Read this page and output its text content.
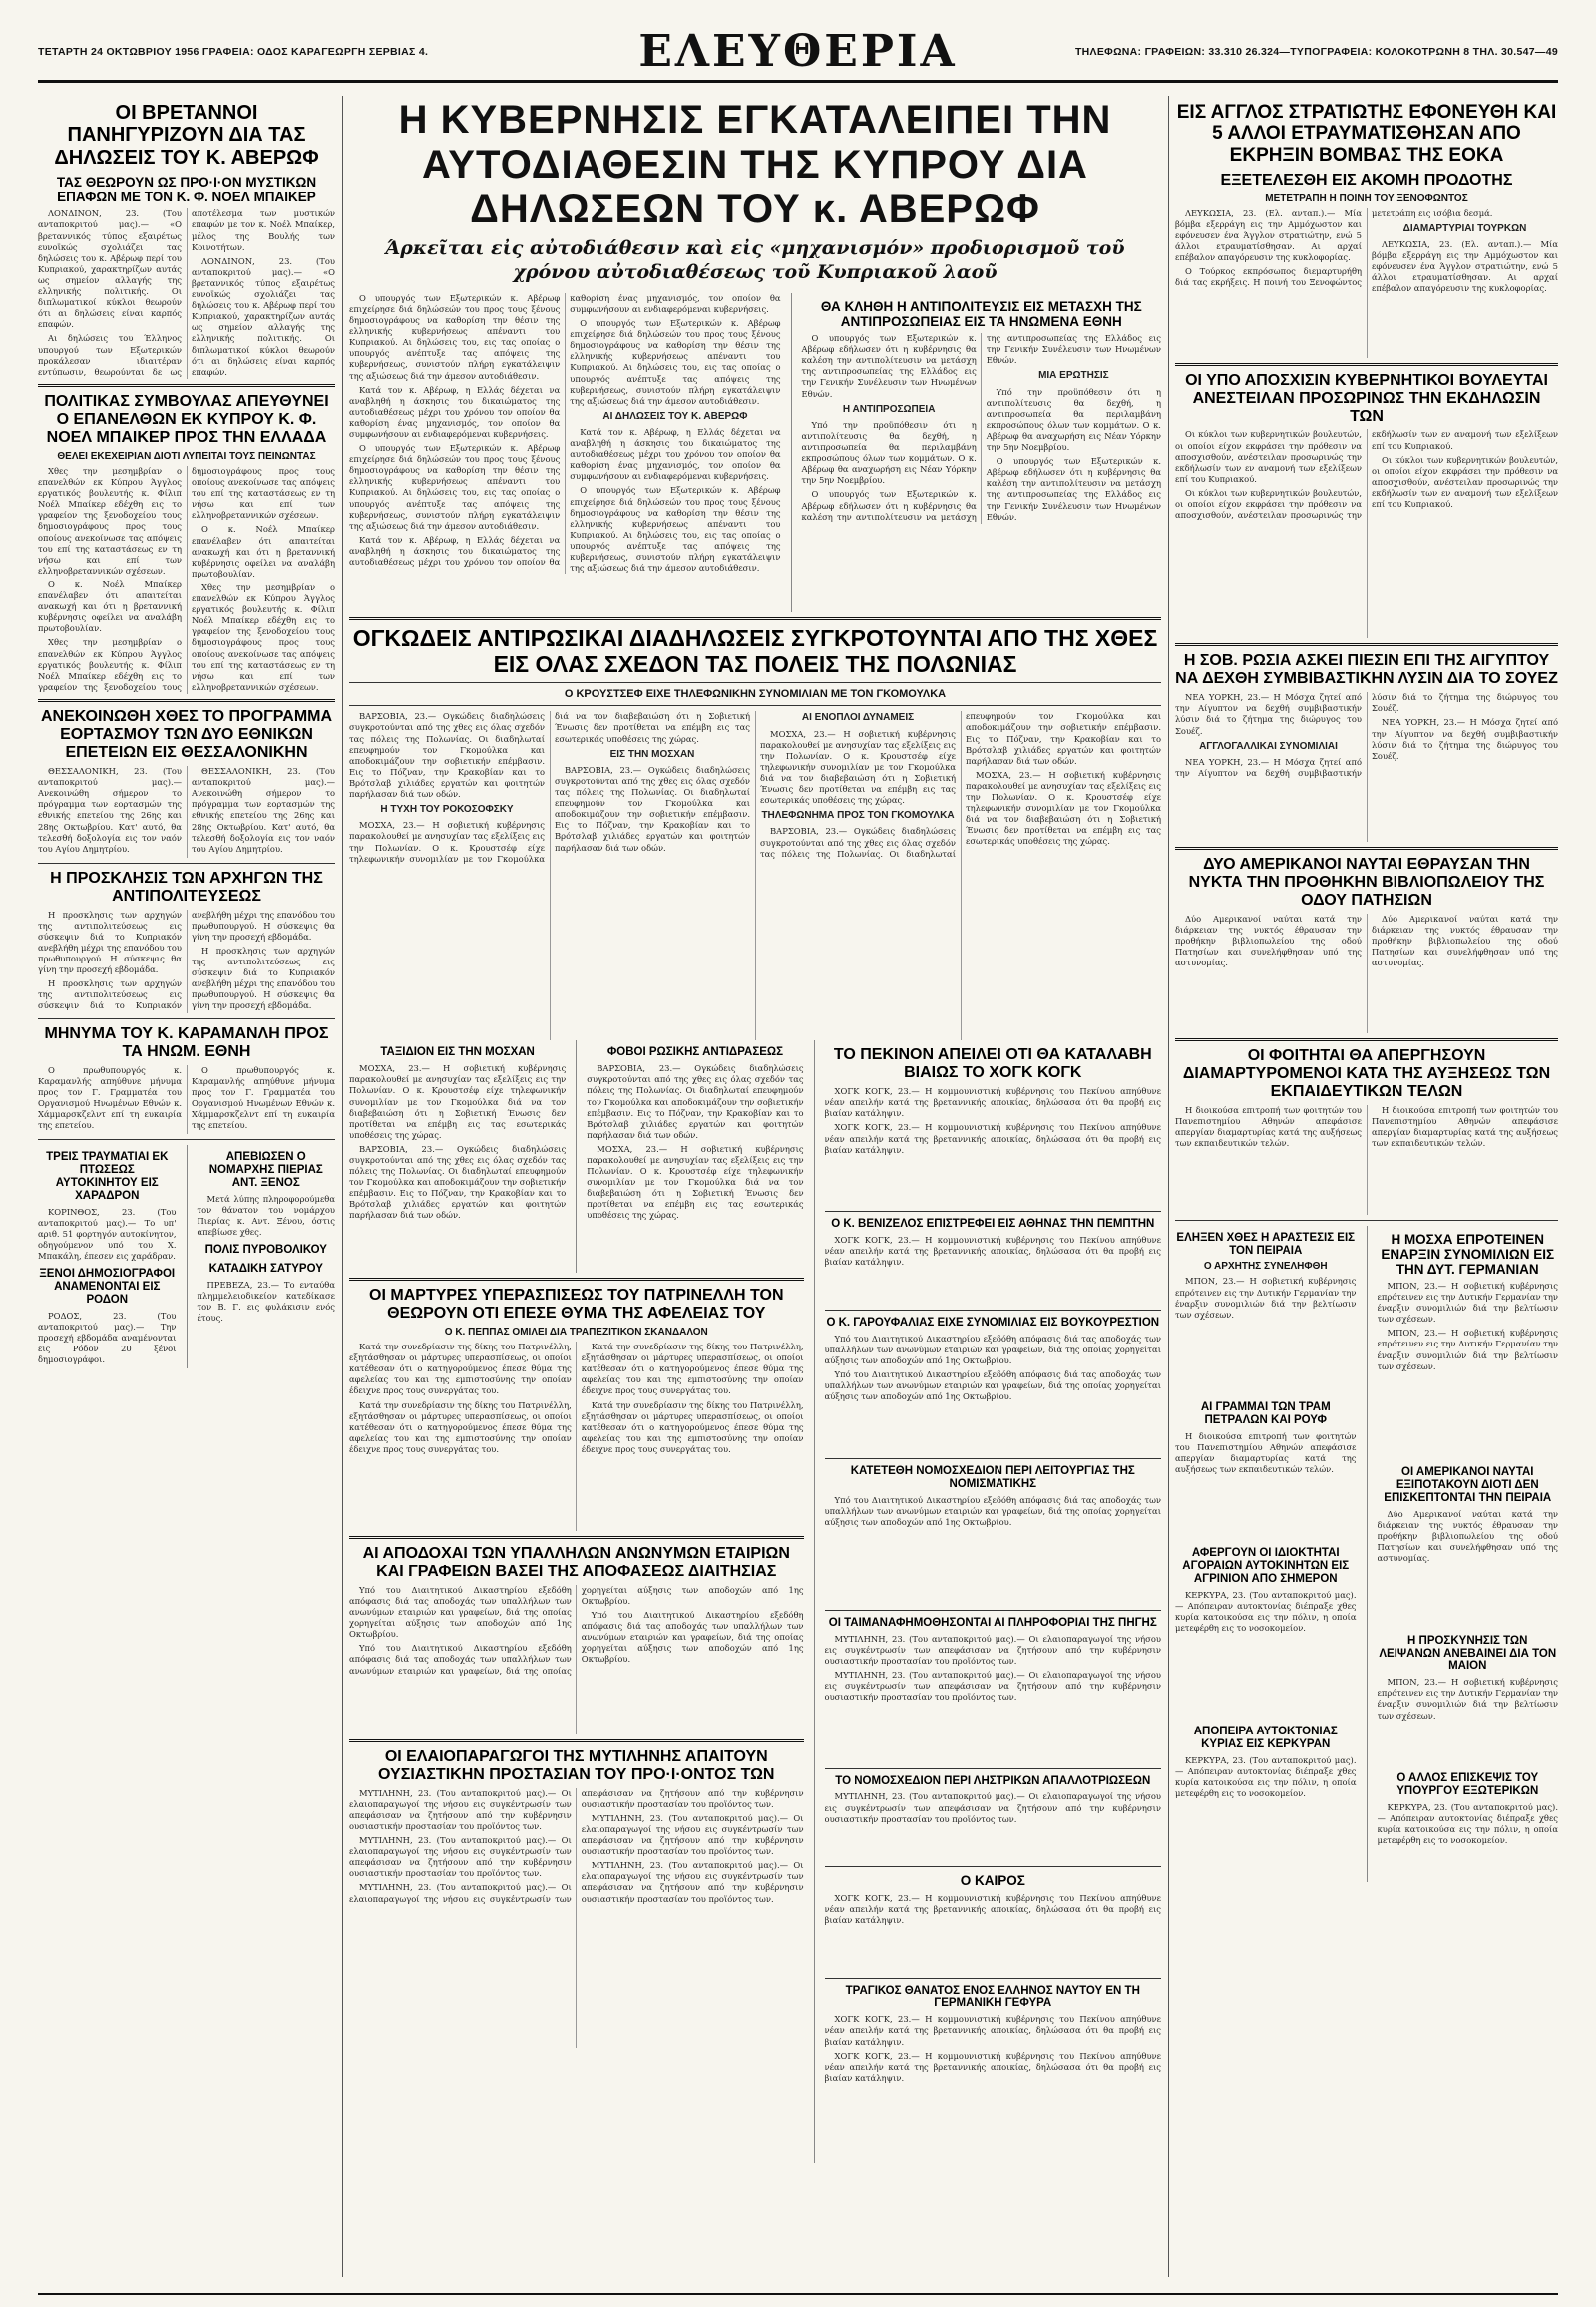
ΤΕΤΑΡΤΗ 24 ΟΚΤΩΒΡΙΟΥ 1956 ΓΡΑΦΕΙΑ: ΟΔΟΣ ΚΑΡΑΓΕΩΡΓΗ ΣΕΡΒΙΑΣ 4.	ΕΛΕΥΘΕΡΙΑ	ΤΗΛΕΦΩΝΑ: ΓΡΑΦΕΙΩΝ: 33.310 26.324—ΤΥΠΟΓΡΑΦΕΙΑ: ΚΟΛΟΚΟΤΡΩΝΗ 8 ΤΗΛ. 30.547—49
ΟΙ ΒΡΕΤΑΝΝΟΙ ΠΑΝΗΓΥΡΙΖΟΥΝ ΔΙΑ ΤΑΣ ΔΗΛΩΣΕΙΣ ΤΟΥ Κ. ΑΒΕΡΩΦ
ΤΑΣ ΘΕΩΡΟΥΝ ΩΣ ΠΡΟ·Ι·ΟΝ ΜΥΣΤΙΚΩΝ ΕΠΑΦΩΝ ΜΕ ΤΟΝ Κ. Φ. ΝΟΕΛ ΜΠΑΙΚΕΡ

ΛΟΝΔΙΝΟΝ, 23. (Του ανταποκριτού μας).— «Ο βρεταννικός τύπος εξαιρέτως ευνοϊκώς σχολιάζει τας δηλώσεις του κ. Αβέρωφ περί του Κυπριακού, χαρακτηρίζων αυτάς ως σημείον αλλαγής της ελληνικής πολιτικής. Οι διπλωματικοί κύκλοι θεωρούν ότι αι δηλώσεις είναι καρπός επαφών.

Αι δηλώσεις του Έλληνος υπουργού των Εξωτερικών προκάλεσαν ιδιαιτέραν εντύπωσιν, θεωρούνται δε ως αποτέλεσμα των μυστικών επαφών με τον κ. Νοέλ Μπαίκερ, μέλος της Βουλής των Κοινοτήτων.

ΛΟΝΔΙΝΟΝ, 23. (Του ανταποκριτού μας).— «Ο βρεταννικός τύπος εξαιρέτως ευνοϊκώς σχολιάζει τας δηλώσεις του κ. Αβέρωφ περί του Κυπριακού, χαρακτηρίζων αυτάς ως σημείον αλλαγής της ελληνικής πολιτικής. Οι διπλωματικοί κύκλοι θεωρούν ότι αι δηλώσεις είναι καρπός επαφών.

ΠΟΛΙΤΙΚΑΣ ΣΥΜΒΟΥΛΑΣ ΑΠΕΥΘΥΝΕΙ Ο ΕΠΑΝΕΛΘΩΝ ΕΚ ΚΥΠΡΟΥ Κ. Φ. ΝΟΕΛ ΜΠΑΙΚΕΡ ΠΡΟΣ ΤΗΝ ΕΛΛΑΔΑ
ΘΕΛΕΙ ΕΚΕΧΕΙΡΙΑΝ ΔΙΟΤΙ ΛΥΠΕΙΤΑΙ ΤΟΥΣ ΠΕΙΝΩΝΤΑΣ

Χθες την μεσημβρίαν ο επανελθών εκ Κύπρου Άγγλος εργατικός βουλευτής κ. Φίλιπ Νοέλ Μπαίκερ εδέχθη εις το γραφείον της ξενοδοχείου τους δημοσιογράφους προς τους οποίους ανεκοίνωσε τας απόψεις του επί της καταστάσεως εν τη νήσω και επί των ελληνοβρεταννικών σχέσεων.

Ο κ. Νοέλ Μπαίκερ επανέλαβεν ότι απαιτείται ανακωχή και ότι η βρεταννική κυβέρνησις οφείλει να αναλάβη πρωτοβουλίαν.

Χθες την μεσημβρίαν ο επανελθών εκ Κύπρου Άγγλος εργατικός βουλευτής κ. Φίλιπ Νοέλ Μπαίκερ εδέχθη εις το γραφείον της ξενοδοχείου τους δημοσιογράφους προς τους οποίους ανεκοίνωσε τας απόψεις του επί της καταστάσεως εν τη νήσω και επί των ελληνοβρεταννικών σχέσεων.

Ο κ. Νοέλ Μπαίκερ επανέλαβεν ότι απαιτείται ανακωχή και ότι η βρεταννική κυβέρνησις οφείλει να αναλάβη πρωτοβουλίαν.

Χθες την μεσημβρίαν ο επανελθών εκ Κύπρου Άγγλος εργατικός βουλευτής κ. Φίλιπ Νοέλ Μπαίκερ εδέχθη εις το γραφείον της ξενοδοχείου τους δημοσιογράφους προς τους οποίους ανεκοίνωσε τας απόψεις του επί της καταστάσεως εν τη νήσω και επί των ελληνοβρεταννικών σχέσεων.

ΑΝΕΚΟΙΝΩΘΗ ΧΘΕΣ ΤΟ ΠΡΟΓΡΑΜΜΑ ΕΟΡΤΑΣΜΟΥ ΤΩΝ ΔΥΟ ΕΘΝΙΚΩΝ ΕΠΕΤΕΙΩΝ ΕΙΣ ΘΕΣΣΑΛΟΝΙΚΗΝ

ΘΕΣΣΑΛΟΝΙΚΗ, 23. (Του ανταποκριτού μας).— Ανεκοινώθη σήμερον το πρόγραμμα των εορτασμών της εθνικής επετείου της 26ης και 28ης Οκτωβρίου. Κατ' αυτό, θα τελεσθή δοξολογία εις τον ναόν του Αγίου Δημητρίου.

ΘΕΣΣΑΛΟΝΙΚΗ, 23. (Του ανταποκριτού μας).— Ανεκοινώθη σήμερον το πρόγραμμα των εορτασμών της εθνικής επετείου της 26ης και 28ης Οκτωβρίου. Κατ' αυτό, θα τελεσθή δοξολογία εις τον ναόν του Αγίου Δημητρίου.

Η ΠΡΟΣΚΛΗΣΙΣ ΤΩΝ ΑΡΧΗΓΩΝ ΤΗΣ ΑΝΤΙΠΟΛΙΤΕΥΣΕΩΣ

Η προσκλησις των αρχηγών της αντιπολιτεύσεως εις σύσκεψιν διά το Κυπριακόν ανεβλήθη μέχρι της επανόδου του πρωθυπουργού. Η σύσκεψις θα γίνη την προσεχή εβδομάδα.

Η προσκλησις των αρχηγών της αντιπολιτεύσεως εις σύσκεψιν διά το Κυπριακόν ανεβλήθη μέχρι της επανόδου του πρωθυπουργού. Η σύσκεψις θα γίνη την προσεχή εβδομάδα.

Η προσκλησις των αρχηγών της αντιπολιτεύσεως εις σύσκεψιν διά το Κυπριακόν ανεβλήθη μέχρι της επανόδου του πρωθυπουργού. Η σύσκεψις θα γίνη την προσεχή εβδομάδα.

ΜΗΝΥΜΑ ΤΟΥ Κ. ΚΑΡΑΜΑΝΛΗ ΠΡΟΣ ΤΑ ΗΝΩΜ. ΕΘΝΗ

Ο πρωθυπουργός κ. Καραμανλής απηύθυνε μήνυμα προς τον Γ. Γραμματέα του Οργανισμού Ηνωμένων Εθνών κ. Χάμμαρσκζελντ επί τη ευκαιρία της επετείου.

Ο πρωθυπουργός κ. Καραμανλής απηύθυνε μήνυμα προς τον Γ. Γραμματέα του Οργανισμού Ηνωμένων Εθνών κ. Χάμμαρσκζελντ επί τη ευκαιρία της επετείου.

ΤΡΕΙΣ ΤΡΑΥΜΑΤΙΑΙ ΕΚ ΠΤΩΣΕΩΣ ΑΥΤΟΚΙΝΗΤΟΥ ΕΙΣ ΧΑΡΑΔΡΟΝ

ΚΟΡΙΝΘΟΣ, 23. (Του ανταποκριτού μας).— Το υπ' αριθ. 51 φορτηγόν αυτοκίνητον, οδηγούμενον υπό του Χ. Μπακάλη, έπεσεν εις χαράδραν.

ΞΕΝΟΙ ΔΗΜΟΣΙΟΓΡΑΦΟΙ ΑΝΑΜΕΝΟΝΤΑΙ ΕΙΣ ΡΟΔΟΝ

ΡΟΔΟΣ, 23. (Του ανταποκριτού μας).— Την προσεχή εβδομάδα αναμένονται εις Ρόδον 20 ξένοι δημοσιογράφοι.

ΑΠΕΒΙΩΣΕΝ Ο ΝΟΜΑΡΧΗΣ ΠΙΕΡΙΑΣ ΑΝΤ. ΞΕΝΟΣ

Μετά λύπης πληροφορούμεθα τον θάνατον του νομάρχου Πιερίας κ. Αντ. Ξένου, όστις απεβίωσε χθες.

ΠΟΛΙΣ ΠΥΡΟΒΟΛΙΚΟΥ
ΚΑΤΑΔΙΚΗ ΣΑΤΥΡΟΥ

ΠΡΕΒΕΖΑ, 23.— Το ενταύθα πλημμελειοδικείον κατεδίκασε τον Β. Γ. εις φυλάκισιν ενός έτους.

Η ΚΥΒΕΡΝΗΣΙΣ ΕΓΚΑΤΑΛΕΙΠΕΙ ΤΗΝ ΑΥΤΟΔΙΑΘΕΣΙΝ ΤΗΣ ΚΥΠΡΟΥ ΔΙΑ ΔΗΛΩΣΕΩΝ ΤΟΥ κ. ΑΒΕΡΩΦ
Άρκεῖται εἰς αὐτοδιάθεσιν καὶ εἰς «μηχανισμόν» προδιορισμοῦ τοῦ χρόνου αὐτοδιαθέσεως τοῦ Κυπριακοῦ λαοῦ

Ο υπουργός των Εξωτερικών κ. Αβέρωφ επιχείρησε διά δηλώσεών του προς τους ξένους δημοσιογράφους να καθορίση την θέσιν της ελληνικής κυβερνήσεως απέναντι του Κυπριακού. Αι δηλώσεις του, εις τας οποίας ο υπουργός ανέπτυξε τας απόψεις της κυβερνήσεως, συνιστούν πλήρη εγκατάλειψιν της αξιώσεως διά την άμεσον αυτοδιάθεσιν.

Κατά τον κ. Αβέρωφ, η Ελλάς δέχεται να αναβληθή η άσκησις του δικαιώματος της αυτοδιαθέσεως μέχρι του χρόνου τον οποίον θα καθορίση ένας μηχανισμός, τον οποίον θα συμφωνήσουν αι ενδιαφερόμεναι κυβερνήσεις.

Ο υπουργός των Εξωτερικών κ. Αβέρωφ επιχείρησε διά δηλώσεών του προς τους ξένους δημοσιογράφους να καθορίση την θέσιν της ελληνικής κυβερνήσεως απέναντι του Κυπριακού. Αι δηλώσεις του, εις τας οποίας ο υπουργός ανέπτυξε τας απόψεις της κυβερνήσεως, συνιστούν πλήρη εγκατάλειψιν της αξιώσεως διά την άμεσον αυτοδιάθεσιν.

Κατά τον κ. Αβέρωφ, η Ελλάς δέχεται να αναβληθή η άσκησις του δικαιώματος της αυτοδιαθέσεως μέχρι του χρόνου τον οποίον θα καθορίση ένας μηχανισμός, τον οποίον θα συμφωνήσουν αι ενδιαφερόμεναι κυβερνήσεις.

Ο υπουργός των Εξωτερικών κ. Αβέρωφ επιχείρησε διά δηλώσεών του προς τους ξένους δημοσιογράφους να καθορίση την θέσιν της ελληνικής κυβερνήσεως απέναντι του Κυπριακού. Αι δηλώσεις του, εις τας οποίας ο υπουργός ανέπτυξε τας απόψεις της κυβερνήσεως, συνιστούν πλήρη εγκατάλειψιν της αξιώσεως διά την άμεσον αυτοδιάθεσιν.

ΑΙ ΔΗΛΩΣΕΙΣ ΤΟΥ Κ. ΑΒΕΡΩΦ

Κατά τον κ. Αβέρωφ, η Ελλάς δέχεται να αναβληθή η άσκησις του δικαιώματος της αυτοδιαθέσεως μέχρι του χρόνου τον οποίον θα καθορίση ένας μηχανισμός, τον οποίον θα συμφωνήσουν αι ενδιαφερόμεναι κυβερνήσεις.

Ο υπουργός των Εξωτερικών κ. Αβέρωφ επιχείρησε διά δηλώσεών του προς τους ξένους δημοσιογράφους να καθορίση την θέσιν της ελληνικής κυβερνήσεως απέναντι του Κυπριακού. Αι δηλώσεις του, εις τας οποίας ο υπουργός ανέπτυξε τας απόψεις της κυβερνήσεως, συνιστούν πλήρη εγκατάλειψιν της αξιώσεως διά την άμεσον αυτοδιάθεσιν.

ΘΑ ΚΛΗΘΗ Η ΑΝΤΙΠΟΛΙΤΕΥΣΙΣ ΕΙΣ ΜΕΤΑΣΧΗ ΤΗΣ ΑΝΤΙΠΡΟΣΩΠΕΙΑΣ ΕΙΣ ΤΑ ΗΝΩΜΕΝΑ ΕΘΝΗ

Ο υπουργός των Εξωτερικών κ. Αβέρωφ εδήλωσεν ότι η κυβέρνησις θα καλέση την αντιπολίτευσιν να μετάσχη της αντιπροσωπείας της Ελλάδος εις την Γενικήν Συνέλευσιν των Ηνωμένων Εθνών.

Η ΑΝΤΙΠΡΟΣΩΠΕΙΑ

Υπό την προϋπόθεσιν ότι η αντιπολίτευσις θα δεχθή, η αντιπροσωπεία θα περιλαμβάνη εκπροσώπους όλων των κομμάτων. Ο κ. Αβέρωφ θα αναχωρήση εις Νέαν Υόρκην την 5ην Νοεμβρίου.

Ο υπουργός των Εξωτερικών κ. Αβέρωφ εδήλωσεν ότι η κυβέρνησις θα καλέση την αντιπολίτευσιν να μετάσχη της αντιπροσωπείας της Ελλάδος εις την Γενικήν Συνέλευσιν των Ηνωμένων Εθνών.

ΜΙΑ ΕΡΩΤΗΣΙΣ

Υπό την προϋπόθεσιν ότι η αντιπολίτευσις θα δεχθή, η αντιπροσωπεία θα περιλαμβάνη εκπροσώπους όλων των κομμάτων. Ο κ. Αβέρωφ θα αναχωρήση εις Νέαν Υόρκην την 5ην Νοεμβρίου.

Ο υπουργός των Εξωτερικών κ. Αβέρωφ εδήλωσεν ότι η κυβέρνησις θα καλέση την αντιπολίτευσιν να μετάσχη της αντιπροσωπείας της Ελλάδος εις την Γενικήν Συνέλευσιν των Ηνωμένων Εθνών.

ΟΓΚΩΔΕΙΣ ΑΝΤΙΡΩΣΙΚΑΙ ΔΙΑΔΗΛΩΣΕΙΣ ΣΥΓΚΡΟΤΟΥΝΤΑΙ ΑΠΟ ΤΗΣ ΧΘΕΣ ΕΙΣ ΟΛΑΣ ΣΧΕΔΟΝ ΤΑΣ ΠΟΛΕΙΣ ΤΗΣ ΠΟΛΩΝΙΑΣ
Ο ΚΡΟΥΣΤΣΕΦ ΕΙΧΕ ΤΗΛΕΦΩΝΙΚΗΝ ΣΥΝΟΜΙΛΙΑΝ ΜΕ ΤΟΝ ΓΚΟΜΟΥΛΚΑ

ΒΑΡΣΟΒΙΑ, 23.— Ογκώδεις διαδηλώσεις συγκροτούνται από της χθες εις όλας σχεδόν τας πόλεις της Πολωνίας. Οι διαδηλωταί επευφημούν τον Γκομούλκα και αποδοκιμάζουν την σοβιετικήν επέμβασιν. Εις το Πόζναν, την Κρακοβίαν και το Βρότσλαβ χιλιάδες εργατών και φοιτητών παρήλασαν διά των οδών.

Η ΤΥΧΗ ΤΟΥ ΡΟΚΟΣΟΦΣΚΥ

ΜΟΣΧΑ, 23.— Η σοβιετική κυβέρνησις παρακολουθεί με ανησυχίαν τας εξελίξεις εις την Πολωνίαν. Ο κ. Κρουστσέφ είχε τηλεφωνικήν συνομιλίαν με τον Γκομούλκα διά να τον διαβεβαιώση ότι η Σοβιετική Ένωσις δεν προτίθεται να επέμβη εις τας εσωτερικάς υποθέσεις της χώρας.

ΕΙΣ ΤΗΝ ΜΟΣΧΑΝ

ΒΑΡΣΟΒΙΑ, 23.— Ογκώδεις διαδηλώσεις συγκροτούνται από της χθες εις όλας σχεδόν τας πόλεις της Πολωνίας. Οι διαδηλωταί επευφημούν τον Γκομούλκα και αποδοκιμάζουν την σοβιετικήν επέμβασιν. Εις το Πόζναν, την Κρακοβίαν και το Βρότσλαβ χιλιάδες εργατών και φοιτητών παρήλασαν διά των οδών.

ΑΙ ΕΝΟΠΛΟΙ ΔΥΝΑΜΕΙΣ

ΜΟΣΧΑ, 23.— Η σοβιετική κυβέρνησις παρακολουθεί με ανησυχίαν τας εξελίξεις εις την Πολωνίαν. Ο κ. Κρουστσέφ είχε τηλεφωνικήν συνομιλίαν με τον Γκομούλκα διά να τον διαβεβαιώση ότι η Σοβιετική Ένωσις δεν προτίθεται να επέμβη εις τας εσωτερικάς υποθέσεις της χώρας.

ΤΗΛΕΦΩΝΗΜΑ ΠΡΟΣ ΤΟΝ ΓΚΟΜΟΥΛΚΑ

ΒΑΡΣΟΒΙΑ, 23.— Ογκώδεις διαδηλώσεις συγκροτούνται από της χθες εις όλας σχεδόν τας πόλεις της Πολωνίας. Οι διαδηλωταί επευφημούν τον Γκομούλκα και αποδοκιμάζουν την σοβιετικήν επέμβασιν. Εις το Πόζναν, την Κρακοβίαν και το Βρότσλαβ χιλιάδες εργατών και φοιτητών παρήλασαν διά των οδών.

ΜΟΣΧΑ, 23.— Η σοβιετική κυβέρνησις παρακολουθεί με ανησυχίαν τας εξελίξεις εις την Πολωνίαν. Ο κ. Κρουστσέφ είχε τηλεφωνικήν συνομιλίαν με τον Γκομούλκα διά να τον διαβεβαιώση ότι η Σοβιετική Ένωσις δεν προτίθεται να επέμβη εις τας εσωτερικάς υποθέσεις της χώρας.

ΤΑΞΙΔΙΟΝ ΕΙΣ ΤΗΝ ΜΟΣΧΑΝ

ΜΟΣΧΑ, 23.— Η σοβιετική κυβέρνησις παρακολουθεί με ανησυχίαν τας εξελίξεις εις την Πολωνίαν. Ο κ. Κρουστσέφ είχε τηλεφωνικήν συνομιλίαν με τον Γκομούλκα διά να τον διαβεβαιώση ότι η Σοβιετική Ένωσις δεν προτίθεται να επέμβη εις τας εσωτερικάς υποθέσεις της χώρας.

ΒΑΡΣΟΒΙΑ, 23.— Ογκώδεις διαδηλώσεις συγκροτούνται από της χθες εις όλας σχεδόν τας πόλεις της Πολωνίας. Οι διαδηλωταί επευφημούν τον Γκομούλκα και αποδοκιμάζουν την σοβιετικήν επέμβασιν. Εις το Πόζναν, την Κρακοβίαν και το Βρότσλαβ χιλιάδες εργατών και φοιτητών παρήλασαν διά των οδών.

ΦΟΒΟΙ ΡΩΣΙΚΗΣ ΑΝΤΙΔΡΑΣΕΩΣ

ΒΑΡΣΟΒΙΑ, 23.— Ογκώδεις διαδηλώσεις συγκροτούνται από της χθες εις όλας σχεδόν τας πόλεις της Πολωνίας. Οι διαδηλωταί επευφημούν τον Γκομούλκα και αποδοκιμάζουν την σοβιετικήν επέμβασιν. Εις το Πόζναν, την Κρακοβίαν και το Βρότσλαβ χιλιάδες εργατών και φοιτητών παρήλασαν διά των οδών.

ΜΟΣΧΑ, 23.— Η σοβιετική κυβέρνησις παρακολουθεί με ανησυχίαν τας εξελίξεις εις την Πολωνίαν. Ο κ. Κρουστσέφ είχε τηλεφωνικήν συνομιλίαν με τον Γκομούλκα διά να τον διαβεβαιώση ότι η Σοβιετική Ένωσις δεν προτίθεται να επέμβη εις τας εσωτερικάς υποθέσεις της χώρας.

ΟΙ ΜΑΡΤΥΡΕΣ ΥΠΕΡΑΣΠΙΣΕΩΣ ΤΟΥ ΠΑΤΡΙΝΕΛΛΗ ΤΟΝ ΘΕΩΡΟΥΝ ΟΤΙ ΕΠΕΣΕ ΘΥΜΑ ΤΗΣ ΑΦΕΛΕΙΑΣ ΤΟΥ
Ο Κ. ΠΕΠΠΑΣ ΟΜΙΛΕΙ ΔΙΑ ΤΡΑΠΕΖΙΤΙΚΟΝ ΣΚΑΝΔΑΛΟΝ

Κατά την συνεδρίασιν της δίκης του Πατρινέλλη, εξητάσθησαν οι μάρτυρες υπερασπίσεως, οι οποίοι κατέθεσαν ότι ο κατηγορούμενος έπεσε θύμα της αφελείας του και της εμπιστοσύνης την οποίαν έδειχνε προς τους συνεργάτας του.

Κατά την συνεδρίασιν της δίκης του Πατρινέλλη, εξητάσθησαν οι μάρτυρες υπερασπίσεως, οι οποίοι κατέθεσαν ότι ο κατηγορούμενος έπεσε θύμα της αφελείας του και της εμπιστοσύνης την οποίαν έδειχνε προς τους συνεργάτας του.

Κατά την συνεδρίασιν της δίκης του Πατρινέλλη, εξητάσθησαν οι μάρτυρες υπερασπίσεως, οι οποίοι κατέθεσαν ότι ο κατηγορούμενος έπεσε θύμα της αφελείας του και της εμπιστοσύνης την οποίαν έδειχνε προς τους συνεργάτας του.

Κατά την συνεδρίασιν της δίκης του Πατρινέλλη, εξητάσθησαν οι μάρτυρες υπερασπίσεως, οι οποίοι κατέθεσαν ότι ο κατηγορούμενος έπεσε θύμα της αφελείας του και της εμπιστοσύνης την οποίαν έδειχνε προς τους συνεργάτας του.

ΑΙ ΑΠΟΔΟΧΑΙ ΤΩΝ ΥΠΑΛΛΗΛΩΝ ΑΝΩΝΥΜΩΝ ΕΤΑΙΡΙΩΝ ΚΑΙ ΓΡΑΦΕΙΩΝ ΒΑΣΕΙ ΤΗΣ ΑΠΟΦΑΣΕΩΣ ΔΙΑΙΤΗΣΙΑΣ

Υπό του Διαιτητικού Δικαστηρίου εξεδόθη απόφασις διά τας αποδοχάς των υπαλλήλων των ανωνύμων εταιριών και γραφείων, διά της οποίας χορηγείται αύξησις των αποδοχών από 1ης Οκτωβρίου.

Υπό του Διαιτητικού Δικαστηρίου εξεδόθη απόφασις διά τας αποδοχάς των υπαλλήλων των ανωνύμων εταιριών και γραφείων, διά της οποίας χορηγείται αύξησις των αποδοχών από 1ης Οκτωβρίου.

Υπό του Διαιτητικού Δικαστηρίου εξεδόθη απόφασις διά τας αποδοχάς των υπαλλήλων των ανωνύμων εταιριών και γραφείων, διά της οποίας χορηγείται αύξησις των αποδοχών από 1ης Οκτωβρίου.

ΟΙ ΕΛΑΙΟΠΑΡΑΓΩΓΟΙ ΤΗΣ ΜΥΤΙΛΗΝΗΣ ΑΠΑΙΤΟΥΝ ΟΥΣΙΑΣΤΙΚΗΝ ΠΡΟΣΤΑΣΙΑΝ ΤΟΥ ΠΡΟ·Ι·ΟΝΤΟΣ ΤΩΝ

ΜΥΤΙΛΗΝΗ, 23. (Του ανταποκριτού μας).— Οι ελαιοπαραγωγοί της νήσου εις συγκέντρωσίν των απεφάσισαν να ζητήσουν από την κυβέρνησιν ουσιαστικήν προστασίαν του προϊόντος των.

ΜΥΤΙΛΗΝΗ, 23. (Του ανταποκριτού μας).— Οι ελαιοπαραγωγοί της νήσου εις συγκέντρωσίν των απεφάσισαν να ζητήσουν από την κυβέρνησιν ουσιαστικήν προστασίαν του προϊόντος των.

ΜΥΤΙΛΗΝΗ, 23. (Του ανταποκριτού μας).— Οι ελαιοπαραγωγοί της νήσου εις συγκέντρωσίν των απεφάσισαν να ζητήσουν από την κυβέρνησιν ουσιαστικήν προστασίαν του προϊόντος των.

ΜΥΤΙΛΗΝΗ, 23. (Του ανταποκριτού μας).— Οι ελαιοπαραγωγοί της νήσου εις συγκέντρωσίν των απεφάσισαν να ζητήσουν από την κυβέρνησιν ουσιαστικήν προστασίαν του προϊόντος των.

ΜΥΤΙΛΗΝΗ, 23. (Του ανταποκριτού μας).— Οι ελαιοπαραγωγοί της νήσου εις συγκέντρωσίν των απεφάσισαν να ζητήσουν από την κυβέρνησιν ουσιαστικήν προστασίαν του προϊόντος των.

ΤΟ ΠΕΚΙΝΟΝ ΑΠΕΙΛΕΙ ΟΤΙ ΘΑ ΚΑΤΑΛΑΒΗ ΒΙΑΙΩΣ ΤΟ ΧΟΓΚ ΚΟΓΚ

ΧΟΓΚ ΚΟΓΚ, 23.— Η κομμουνιστική κυβέρνησις του Πεκίνου απηύθυνε νέαν απειλήν κατά της βρεταννικής αποικίας, δηλώσασα ότι θα προβή εις βιαίαν κατάληψιν.

ΧΟΓΚ ΚΟΓΚ, 23.— Η κομμουνιστική κυβέρνησις του Πεκίνου απηύθυνε νέαν απειλήν κατά της βρεταννικής αποικίας, δηλώσασα ότι θα προβή εις βιαίαν κατάληψιν.

Ο Κ. ΒΕΝΙΖΕΛΟΣ ΕΠΙΣΤΡΕΦΕΙ ΕΙΣ ΑΘΗΝΑΣ ΤΗΝ ΠΕΜΠΤΗΝ

ΧΟΓΚ ΚΟΓΚ, 23.— Η κομμουνιστική κυβέρνησις του Πεκίνου απηύθυνε νέαν απειλήν κατά της βρεταννικής αποικίας, δηλώσασα ότι θα προβή εις βιαίαν κατάληψιν.

Ο Κ. ΓΑΡΟΥΦΑΛΙΑΣ ΕΙΧΕ ΣΥΝΟΜΙΛΙΑΣ ΕΙΣ ΒΟΥΚΟΥΡΕΣΤΙΟΝ

Υπό του Διαιτητικού Δικαστηρίου εξεδόθη απόφασις διά τας αποδοχάς των υπαλλήλων των ανωνύμων εταιριών και γραφείων, διά της οποίας χορηγείται αύξησις των αποδοχών από 1ης Οκτωβρίου.

Υπό του Διαιτητικού Δικαστηρίου εξεδόθη απόφασις διά τας αποδοχάς των υπαλλήλων των ανωνύμων εταιριών και γραφείων, διά της οποίας χορηγείται αύξησις των αποδοχών από 1ης Οκτωβρίου.

ΚΑΤΕΤΕΘΗ ΝΟΜΟΣΧΕΔΙΟΝ ΠΕΡΙ ΛΕΙΤΟΥΡΓΙΑΣ ΤΗΣ ΝΟΜΙΣΜΑΤΙΚΗΣ

Υπό του Διαιτητικού Δικαστηρίου εξεδόθη απόφασις διά τας αποδοχάς των υπαλλήλων των ανωνύμων εταιριών και γραφείων, διά της οποίας χορηγείται αύξησις των αποδοχών από 1ης Οκτωβρίου.

ΟΙ ΤΑΙΜΑΝΑΦΗΜΟΘΗΣΟΝΤΑΙ ΑΙ ΠΛΗΡΟΦΟΡΙΑΙ ΤΗΣ ΠΗΓΗΣ

ΜΥΤΙΛΗΝΗ, 23. (Του ανταποκριτού μας).— Οι ελαιοπαραγωγοί της νήσου εις συγκέντρωσίν των απεφάσισαν να ζητήσουν από την κυβέρνησιν ουσιαστικήν προστασίαν του προϊόντος των.

ΜΥΤΙΛΗΝΗ, 23. (Του ανταποκριτού μας).— Οι ελαιοπαραγωγοί της νήσου εις συγκέντρωσίν των απεφάσισαν να ζητήσουν από την κυβέρνησιν ουσιαστικήν προστασίαν του προϊόντος των.

ΤΟ ΝΟΜΟΣΧΕΔΙΟΝ ΠΕΡΙ ΛΗΣΤΡΙΚΩΝ ΑΠΑΛΛΟΤΡΙΩΣΕΩΝ

ΜΥΤΙΛΗΝΗ, 23. (Του ανταποκριτού μας).— Οι ελαιοπαραγωγοί της νήσου εις συγκέντρωσίν των απεφάσισαν να ζητήσουν από την κυβέρνησιν ουσιαστικήν προστασίαν του προϊόντος των.

Ο ΚΑΙΡΟΣ

ΧΟΓΚ ΚΟΓΚ, 23.— Η κομμουνιστική κυβέρνησις του Πεκίνου απηύθυνε νέαν απειλήν κατά της βρεταννικής αποικίας, δηλώσασα ότι θα προβή εις βιαίαν κατάληψιν.

ΤΡΑΓΙΚΟΣ ΘΑΝΑΤΟΣ ΕΝΟΣ ΕΛΛΗΝΟΣ ΝΑΥΤΟΥ ΕΝ ΤΗ ΓΕΡΜΑΝΙΚΗ ΓΕΦΥΡΑ

ΧΟΓΚ ΚΟΓΚ, 23.— Η κομμουνιστική κυβέρνησις του Πεκίνου απηύθυνε νέαν απειλήν κατά της βρεταννικής αποικίας, δηλώσασα ότι θα προβή εις βιαίαν κατάληψιν.

ΧΟΓΚ ΚΟΓΚ, 23.— Η κομμουνιστική κυβέρνησις του Πεκίνου απηύθυνε νέαν απειλήν κατά της βρεταννικής αποικίας, δηλώσασα ότι θα προβή εις βιαίαν κατάληψιν.

ΕΙΣ ΑΓΓΛΟΣ ΣΤΡΑΤΙΩΤΗΣ ΕΦΟΝΕΥΘΗ ΚΑΙ 5 ΑΛΛΟΙ ΕΤΡΑΥΜΑΤΙΣΘΗΣΑΝ ΑΠΟ ΕΚΡΗΞΙΝ ΒΟΜΒΑΣ ΤΗΣ ΕΟΚΑ
ΕΞΕΤΕΛΕΣΘΗ ΕΙΣ ΑΚΟΜΗ ΠΡΟΔΟΤΗΣ
ΜΕΤΕΤΡΑΠΗ Η ΠΟΙΝΗ ΤΟΥ ΞΕΝΟΦΩΝΤΟΣ

ΛΕΥΚΩΣΙΑ, 23. (Ελ. ανταπ.).— Μία βόμβα εξερράγη εις την Αμμόχωστον και εφόνευσεν ένα Άγγλον στρατιώτην, ενώ 5 άλλοι ετραυματίσθησαν. Αι αρχαί επέβαλον απαγόρευσιν της κυκλοφορίας.

Ο Τούρκος εκπρόσωπος διεμαρτυρήθη διά τας εκρήξεις. Η ποινή του Ξενοφώντος μετετράπη εις ισόβια δεσμά.

ΔΙΑΜΑΡΤΥΡΙΑΙ ΤΟΥΡΚΩΝ

ΛΕΥΚΩΣΙΑ, 23. (Ελ. ανταπ.).— Μία βόμβα εξερράγη εις την Αμμόχωστον και εφόνευσεν ένα Άγγλον στρατιώτην, ενώ 5 άλλοι ετραυματίσθησαν. Αι αρχαί επέβαλον απαγόρευσιν της κυκλοφορίας.

ΟΙ ΥΠΟ ΑΠΟΣΧΙΣΙΝ ΚΥΒΕΡΝΗΤΙΚΟΙ ΒΟΥΛΕΥΤΑΙ ΑΝΕΣΤΕΙΛΑΝ ΠΡΟΣΩΡΙΝΩΣ ΤΗΝ ΕΚΔΗΛΩΣΙΝ ΤΩΝ

Οι κύκλοι των κυβερνητικών βουλευτών, οι οποίοι είχον εκφράσει την πρόθεσιν να αποσχισθούν, ανέστειλαν προσωρινώς την εκδήλωσίν των εν αναμονή των εξελίξεων επί του Κυπριακού.

Οι κύκλοι των κυβερνητικών βουλευτών, οι οποίοι είχον εκφράσει την πρόθεσιν να αποσχισθούν, ανέστειλαν προσωρινώς την εκδήλωσίν των εν αναμονή των εξελίξεων επί του Κυπριακού.

Οι κύκλοι των κυβερνητικών βουλευτών, οι οποίοι είχον εκφράσει την πρόθεσιν να αποσχισθούν, ανέστειλαν προσωρινώς την εκδήλωσίν των εν αναμονή των εξελίξεων επί του Κυπριακού.

Η ΣΟΒ. ΡΩΣΙΑ ΑΣΚΕΙ ΠΙΕΣΙΝ ΕΠΙ ΤΗΣ ΑΙΓΥΠΤΟΥ ΝΑ ΔΕΧΘΗ ΣΥΜΒΙΒΑΣΤΙΚΗΝ ΛΥΣΙΝ ΔΙΑ ΤΟ ΣΟΥΕΖ

ΝΕΑ ΥΟΡΚΗ, 23.— Η Μόσχα ζητεί από την Αίγυπτον να δεχθή συμβιβαστικήν λύσιν διά το ζήτημα της διώρυγος του Σουέζ.

ΑΓΓΛΟΓΑΛΛΙΚΑΙ ΣΥΝΟΜΙΛΙΑΙ

ΝΕΑ ΥΟΡΚΗ, 23.— Η Μόσχα ζητεί από την Αίγυπτον να δεχθή συμβιβαστικήν λύσιν διά το ζήτημα της διώρυγος του Σουέζ.

ΝΕΑ ΥΟΡΚΗ, 23.— Η Μόσχα ζητεί από την Αίγυπτον να δεχθή συμβιβαστικήν λύσιν διά το ζήτημα της διώρυγος του Σουέζ.

ΔΥΟ ΑΜΕΡΙΚΑΝΟΙ ΝΑΥΤΑΙ ΕΘΡΑΥΣΑΝ ΤΗΝ ΝΥΚΤΑ ΤΗΝ ΠΡΟΘΗΚΗΝ ΒΙΒΛΙΟΠΩΛΕΙΟΥ ΤΗΣ ΟΔΟΥ ΠΑΤΗΣΙΩΝ

Δύο Αμερικανοί ναύται κατά την διάρκειαν της νυκτός έθραυσαν την προθήκην βιβλιοπωλείου της οδού Πατησίων και συνελήφθησαν υπό της αστυνομίας.

Δύο Αμερικανοί ναύται κατά την διάρκειαν της νυκτός έθραυσαν την προθήκην βιβλιοπωλείου της οδού Πατησίων και συνελήφθησαν υπό της αστυνομίας.

ΟΙ ΦΟΙΤΗΤΑΙ ΘΑ ΑΠΕΡΓΗΣΟΥΝ ΔΙΑΜΑΡΤΥΡΟΜΕΝΟΙ ΚΑΤΑ ΤΗΣ ΑΥΞΗΣΕΩΣ ΤΩΝ ΕΚΠΑΙΔΕΥΤΙΚΩΝ ΤΕΛΩΝ

Η διοικούσα επιτροπή των φοιτητών του Πανεπιστημίου Αθηνών απεφάσισε απεργίαν διαμαρτυρίας κατά της αυξήσεως των εκπαιδευτικών τελών.

Η διοικούσα επιτροπή των φοιτητών του Πανεπιστημίου Αθηνών απεφάσισε απεργίαν διαμαρτυρίας κατά της αυξήσεως των εκπαιδευτικών τελών.

ΕΛΗΞΕΝ ΧΘΕΣ Η ΑΡΑΣΤΕΣΙΣ ΕΙΣ ΤΟΝ ΠΕΙΡΑΙΑ
Ο ΑΡΧΗΤΗΣ ΣΥΝΕΛΗΦΘΗ

ΜΠΟΝ, 23.— Η σοβιετική κυβέρνησις επρότεινεν εις την Δυτικήν Γερμανίαν την έναρξιν συνομιλιών διά την βελτίωσιν των σχέσεων.

ΑΙ ΓΡΑΜΜΑΙ ΤΩΝ ΤΡΑΜ ΠΕΤΡΑΛΩΝ ΚΑΙ ΡΟΥΦ

Η διοικούσα επιτροπή των φοιτητών του Πανεπιστημίου Αθηνών απεφάσισε απεργίαν διαμαρτυρίας κατά της αυξήσεως των εκπαιδευτικών τελών.

ΑΦΕΡΓΟΥΝ ΟΙ ΙΔΙΟΚΤΗΤΑΙ ΑΓΟΡΑΙΩΝ ΑΥΤΟΚΙΝΗΤΩΝ ΕΙΣ ΑΓΡΙΝΙΟΝ ΑΠΟ ΣΗΜΕΡΟΝ

ΚΕΡΚΥΡΑ, 23. (Του ανταποκριτού μας).— Απόπειραν αυτοκτονίας διέπραξε χθες κυρία κατοικούσα εις την πόλιν, η οποία μετεφέρθη εις το νοσοκομείον.

ΑΠΟΠΕΙΡΑ ΑΥΤΟΚΤΟΝΙΑΣ ΚΥΡΙΑΣ ΕΙΣ ΚΕΡΚΥΡΑΝ

ΚΕΡΚΥΡΑ, 23. (Του ανταποκριτού μας).— Απόπειραν αυτοκτονίας διέπραξε χθες κυρία κατοικούσα εις την πόλιν, η οποία μετεφέρθη εις το νοσοκομείον.

Η ΜΟΣΧΑ ΕΠΡΟΤΕΙΝΕΝ ΕΝΑΡΞΙΝ ΣΥΝΟΜΙΛΙΩΝ ΕΙΣ ΤΗΝ ΔΥΤ. ΓΕΡΜΑΝΙΑΝ

ΜΠΟΝ, 23.— Η σοβιετική κυβέρνησις επρότεινεν εις την Δυτικήν Γερμανίαν την έναρξιν συνομιλιών διά την βελτίωσιν των σχέσεων.

ΜΠΟΝ, 23.— Η σοβιετική κυβέρνησις επρότεινεν εις την Δυτικήν Γερμανίαν την έναρξιν συνομιλιών διά την βελτίωσιν των σχέσεων.

ΟΙ ΑΜΕΡΙΚΑΝΟΙ ΝΑΥΤΑΙ ΕΞΙΠΟΤΑΚΟΥΝ ΔΙΟΤΙ ΔΕΝ ΕΠΙΣΚΕΠΤΟΝΤΑΙ ΤΗΝ ΠΕΙΡΑΙΑ

Δύο Αμερικανοί ναύται κατά την διάρκειαν της νυκτός έθραυσαν την προθήκην βιβλιοπωλείου της οδού Πατησίων και συνελήφθησαν υπό της αστυνομίας.

Η ΠΡΟΣΚΥΝΗΣΙΣ ΤΩΝ ΛΕΙΨΑΝΩΝ ΑΝΕΒΑΙΝΕΙ ΔΙΑ ΤΟΝ ΜΑΙΟΝ

ΜΠΟΝ, 23.— Η σοβιετική κυβέρνησις επρότεινεν εις την Δυτικήν Γερμανίαν την έναρξιν συνομιλιών διά την βελτίωσιν των σχέσεων.

Ο ΑΛΛΟΣ ΕΠΙΣΚΕΨΙΣ ΤΟΥ ΥΠΟΥΡΓΟΥ ΕΞΩΤΕΡΙΚΩΝ

ΚΕΡΚΥΡΑ, 23. (Του ανταποκριτού μας).— Απόπειραν αυτοκτονίας διέπραξε χθες κυρία κατοικούσα εις την πόλιν, η οποία μετεφέρθη εις το νοσοκομείον.
